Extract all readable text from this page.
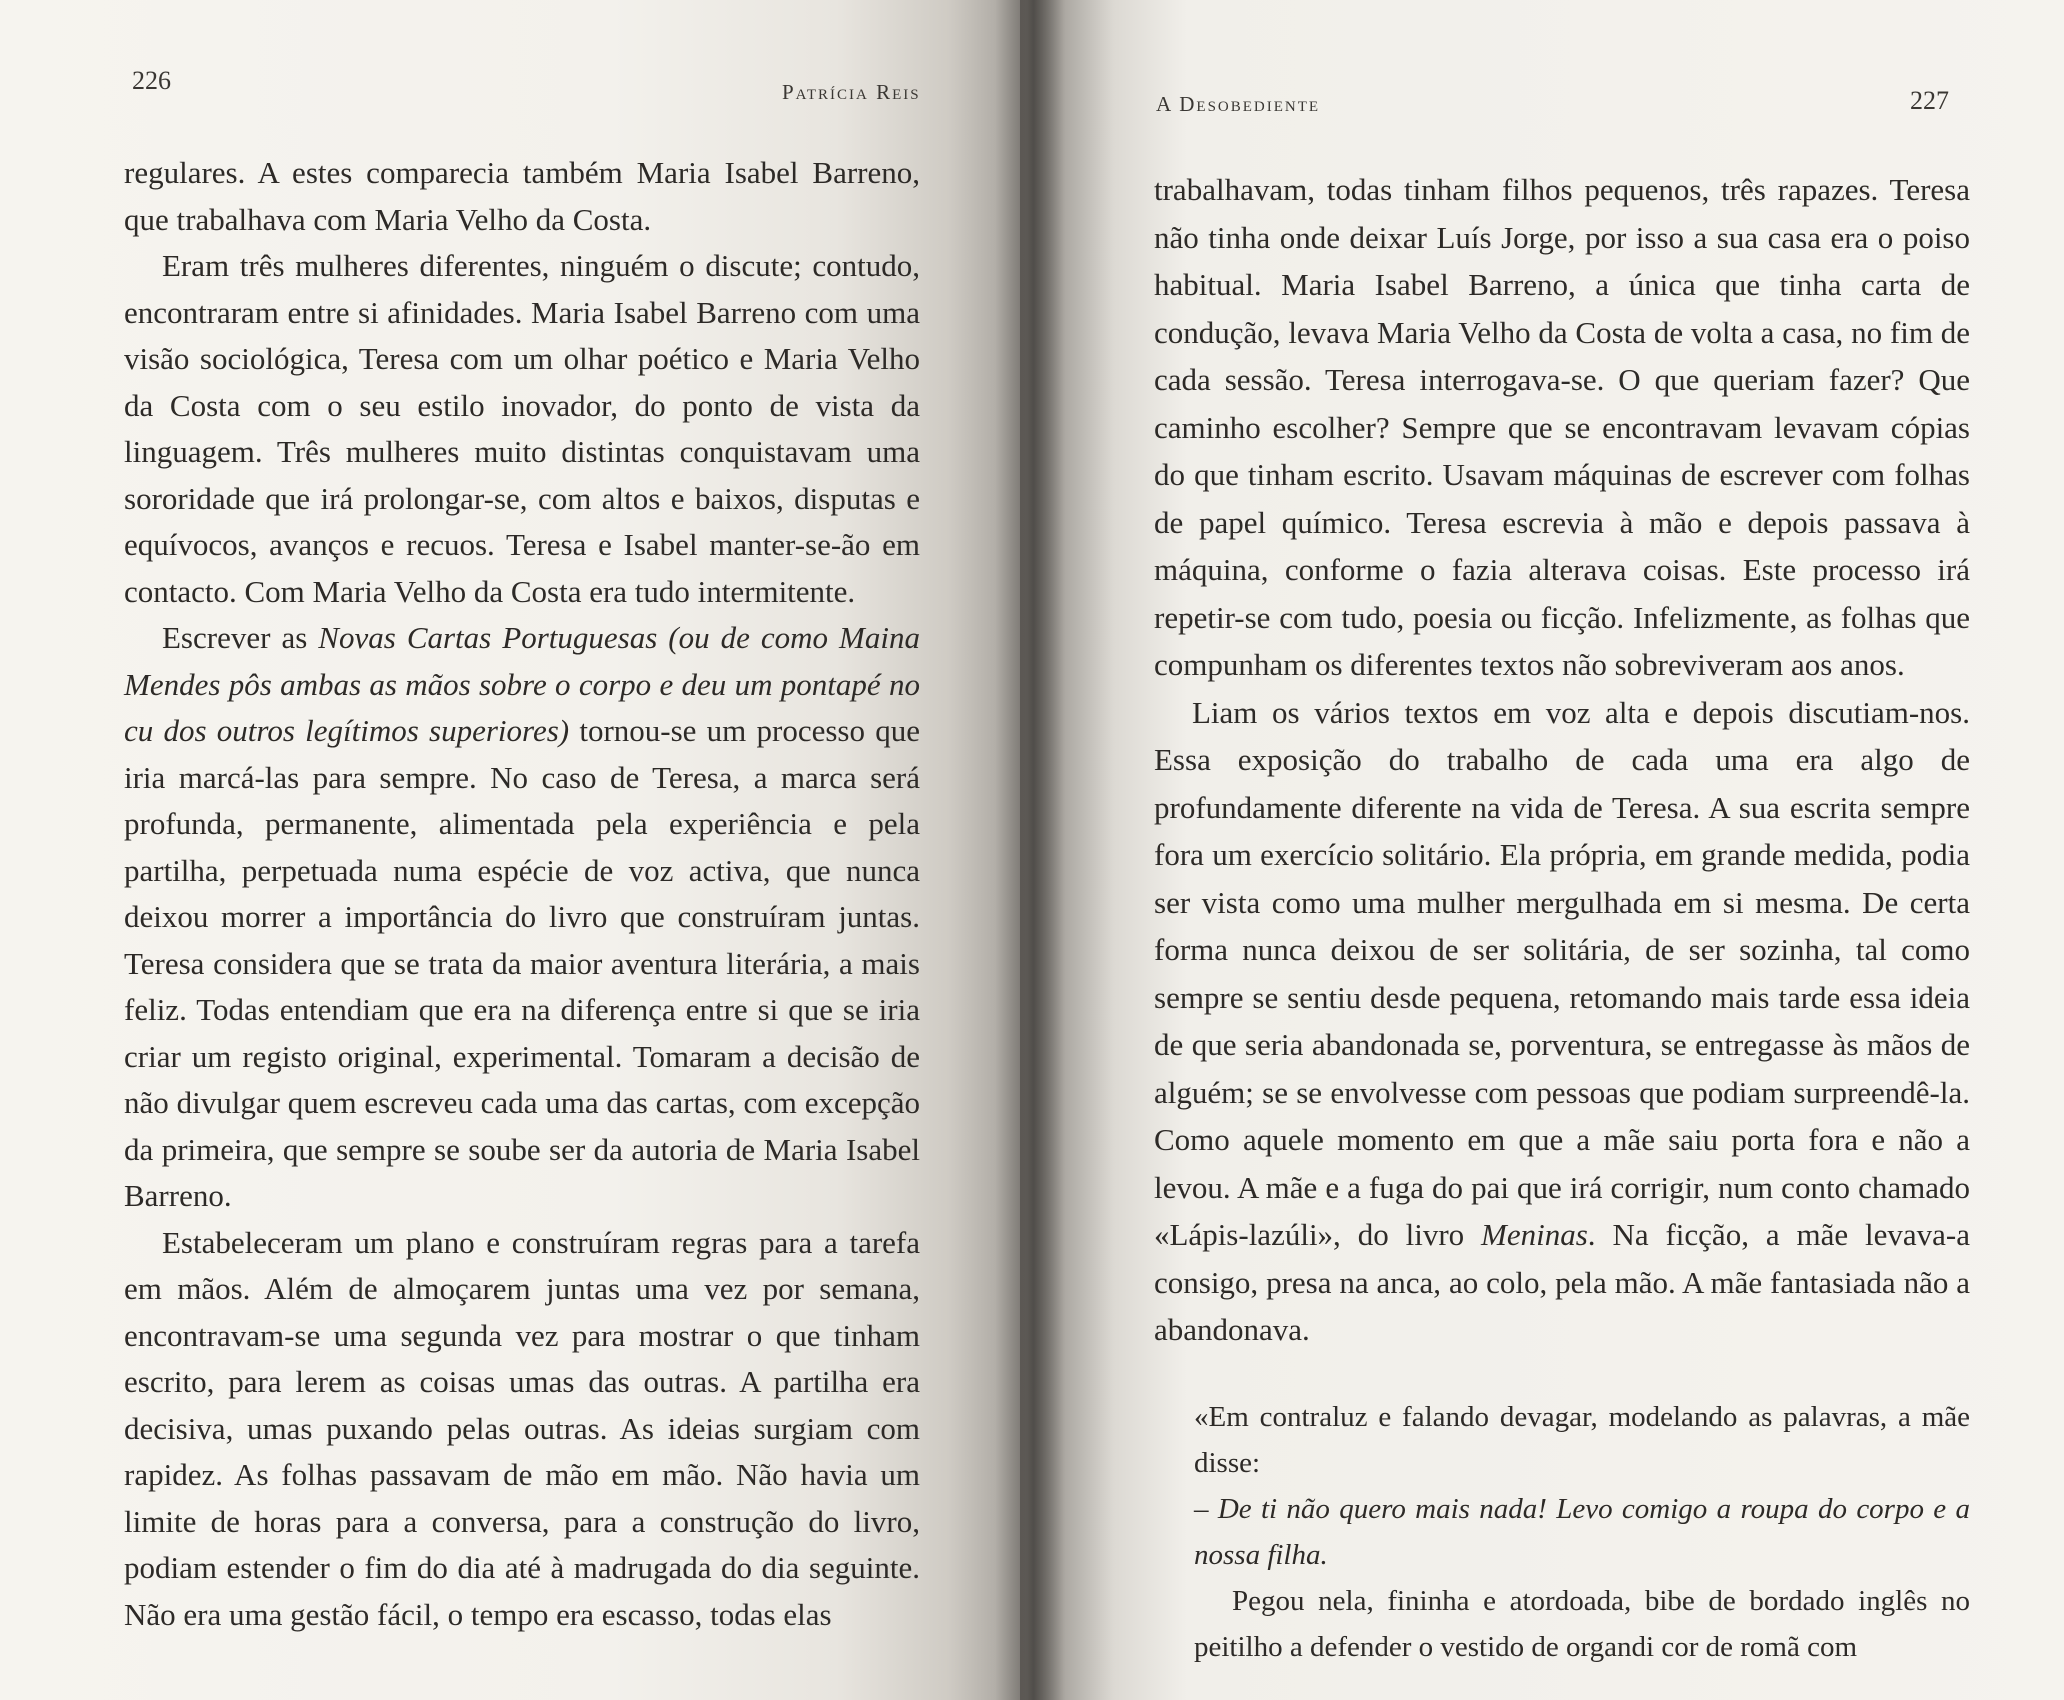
226	Patrícia Reis

regulares. A estes comparecia também Maria Isabel Barreno, que trabalhava com Maria Velho da Costa.

Eram três mulheres diferentes, ninguém o discute; contudo, encontraram entre si afinidades. Maria Isabel Barreno com uma visão sociológica, Teresa com um olhar poético e Maria Velho da Costa com o seu estilo inovador, do ponto de vista da linguagem. Três mulheres muito distintas conquistavam uma sororidade que irá prolongar-se, com altos e baixos, disputas e equívocos, avanços e recuos. Teresa e Isabel manter-se-ão em contacto. Com Maria Velho da Costa era tudo intermitente.

Escrever as Novas Cartas Portuguesas (ou de como Maina Mendes pôs ambas as mãos sobre o corpo e deu um pontapé no cu dos outros legítimos superiores) tornou-se um processo que iria marcá-las para sempre. No caso de Teresa, a marca será profunda, permanente, alimentada pela experiência e pela partilha, perpetuada numa espécie de voz activa, que nunca deixou morrer a importância do livro que construíram juntas. Teresa considera que se trata da maior aventura literária, a mais feliz. Todas entendiam que era na diferença entre si que se iria criar um registo original, experimental. Tomaram a decisão de não divulgar quem escreveu cada uma das cartas, com excepção da primeira, que sempre se soube ser da autoria de Maria Isabel Barreno.

Estabeleceram um plano e construíram regras para a tarefa em mãos. Além de almoçarem juntas uma vez por semana, encontravam-se uma segunda vez para mostrar o que tinham escrito, para lerem as coisas umas das outras. A partilha era decisiva, umas puxando pelas outras. As ideias surgiam com rapidez. As folhas passavam de mão em mão. Não havia um limite de horas para a conversa, para a construção do livro, podiam estender o fim do dia até à madrugada do dia seguinte. Não era uma gestão fácil, o tempo era escasso, todas elas

A Desobediente	227

trabalhavam, todas tinham filhos pequenos, três rapazes. Teresa não tinha onde deixar Luís Jorge, por isso a sua casa era o poiso habitual. Maria Isabel Barreno, a única que tinha carta de condução, levava Maria Velho da Costa de volta a casa, no fim de cada sessão. Teresa interrogava-se. O que queriam fazer? Que caminho escolher? Sempre que se encontravam levavam cópias do que tinham escrito. Usavam máquinas de escrever com folhas de papel químico. Teresa escrevia à mão e depois passava à máquina, conforme o fazia alterava coisas. Este processo irá repetir-se com tudo, poesia ou ficção. Infelizmente, as folhas que compunham os diferentes textos não sobreviveram aos anos.

Liam os vários textos em voz alta e depois discutiam-nos. Essa exposição do trabalho de cada uma era algo de profundamente diferente na vida de Teresa. A sua escrita sempre fora um exercício solitário. Ela própria, em grande medida, podia ser vista como uma mulher mergulhada em si mesma. De certa forma nunca deixou de ser solitária, de ser sozinha, tal como sempre se sentiu desde pequena, retomando mais tarde essa ideia de que seria abandonada se, porventura, se entregasse às mãos de alguém; se se envolvesse com pessoas que podiam surpreendê-la. Como aquele momento em que a mãe saiu porta fora e não a levou. A mãe e a fuga do pai que irá corrigir, num conto chamado «Lápis-lazúli», do livro Meninas. Na ficção, a mãe levava-a consigo, presa na anca, ao colo, pela mão. A mãe fantasiada não a abandonava.

«Em contraluz e falando devagar, modelando as palavras, a mãe disse:

– De ti não quero mais nada! Levo comigo a roupa do corpo e a nossa filha.

Pegou nela, fininha e atordoada, bibe de bordado inglês no peitilho a defender o vestido de organdi cor de romã com
